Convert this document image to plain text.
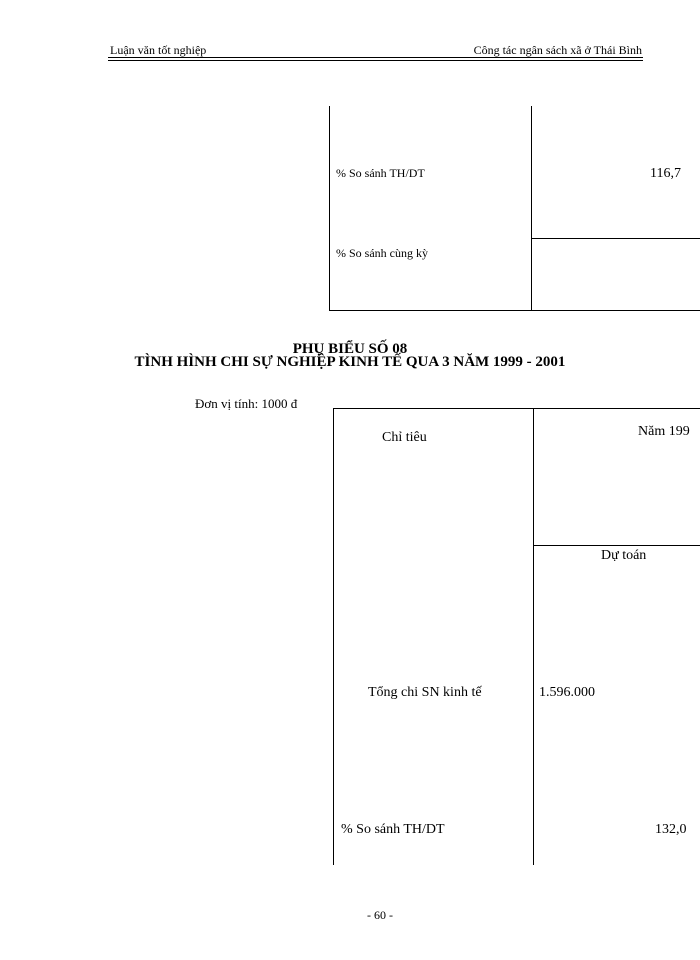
Luận văn tốt nghiệp	Công tác ngân sách xã ở Thái Bình
% So sánh TH/DT	116,7
% So sánh cùng kỳ
PHỤ BIỂU SỐ 08
TÌNH HÌNH CHI SỰ NGHIỆP KINH TẾ QUA 3 NĂM 1999 - 2001
Đơn vị tính: 1000 đ
Chỉ tiêu	Năm 199
Dự toán
Tổng chi SN kinh tế	1.596.000
% So sánh TH/DT	132,0
- 60 -
